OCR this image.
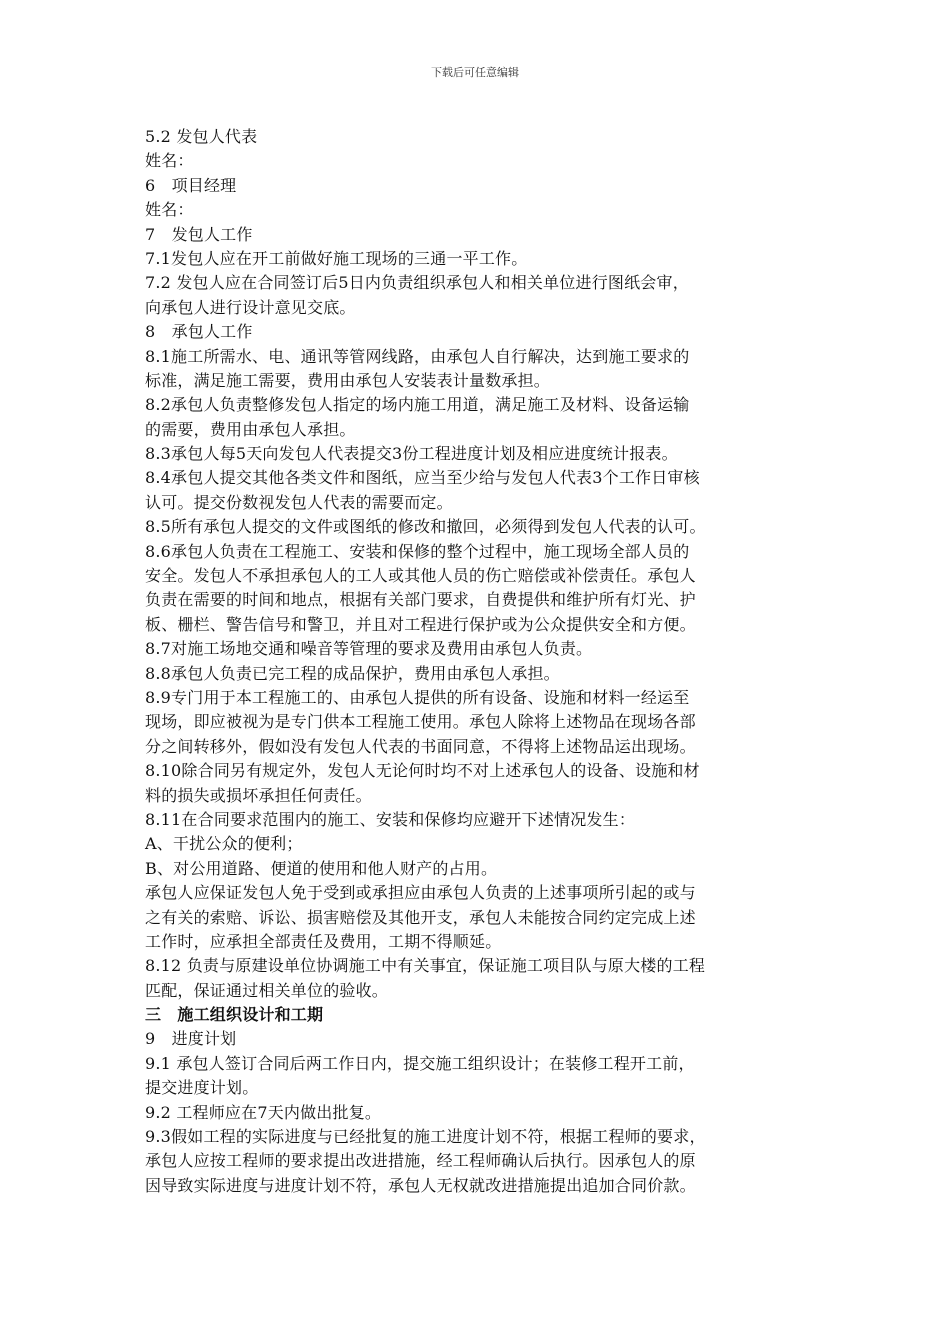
下载后可任意编辑
5.2 发包人代表
姓名：
6　项目经理
姓名：
7　发包人工作
7.1发包人应在开工前做好施工现场的三通一平工作。
7.2 发包人应在合同签订后5日内负责组织承包人和相关单位进行图纸会审，
向承包人进行设计意见交底。
8　承包人工作
8.1施工所需水、电、通讯等管网线路，由承包人自行解决，达到施工要求的
标准，满足施工需要，费用由承包人安装表计量数承担。
8.2承包人负责整修发包人指定的场内施工用道，满足施工及材料、设备运输
的需要，费用由承包人承担。
8.3承包人每5天向发包人代表提交3份工程进度计划及相应进度统计报表。
8.4承包人提交其他各类文件和图纸，应当至少给与发包人代表3个工作日审核
认可。提交份数视发包人代表的需要而定。
8.5所有承包人提交的文件或图纸的修改和撤回，必须得到发包人代表的认可。
8.6承包人负责在工程施工、安装和保修的整个过程中，施工现场全部人员的
安全。发包人不承担承包人的工人或其他人员的伤亡赔偿或补偿责任。承包人
负责在需要的时间和地点，根据有关部门要求，自费提供和维护所有灯光、护
板、栅栏、警告信号和警卫，并且对工程进行保护或为公众提供安全和方便。
8.7对施工场地交通和噪音等管理的要求及费用由承包人负责。
8.8承包人负责已完工程的成品保护，费用由承包人承担。
8.9专门用于本工程施工的、由承包人提供的所有设备、设施和材料一经运至
现场，即应被视为是专门供本工程施工使用。承包人除将上述物品在现场各部
分之间转移外，假如没有发包人代表的书面同意，不得将上述物品运出现场。
8.10除合同另有规定外，发包人无论何时均不对上述承包人的设备、设施和材
料的损失或损坏承担任何责任。
8.11在合同要求范围内的施工、安装和保修均应避开下述情况发生：
A、干扰公众的便利；
B、对公用道路、便道的使用和他人财产的占用。
承包人应保证发包人免于受到或承担应由承包人负责的上述事项所引起的或与
之有关的索赔、诉讼、损害赔偿及其他开支，承包人未能按合同约定完成上述
工作时，应承担全部责任及费用，工期不得顺延。
8.12 负责与原建设单位协调施工中有关事宜，保证施工项目队与原大楼的工程
匹配，保证通过相关单位的验收。
三　施工组织设计和工期
9　进度计划
9.1 承包人签订合同后两工作日内，提交施工组织设计；在装修工程开工前，
提交进度计划。
9.2 工程师应在7天内做出批复。
9.3假如工程的实际进度与已经批复的施工进度计划不符，根据工程师的要求，
承包人应按工程师的要求提出改进措施，经工程师确认后执行。因承包人的原
因导致实际进度与进度计划不符，承包人无权就改进措施提出追加合同价款。
